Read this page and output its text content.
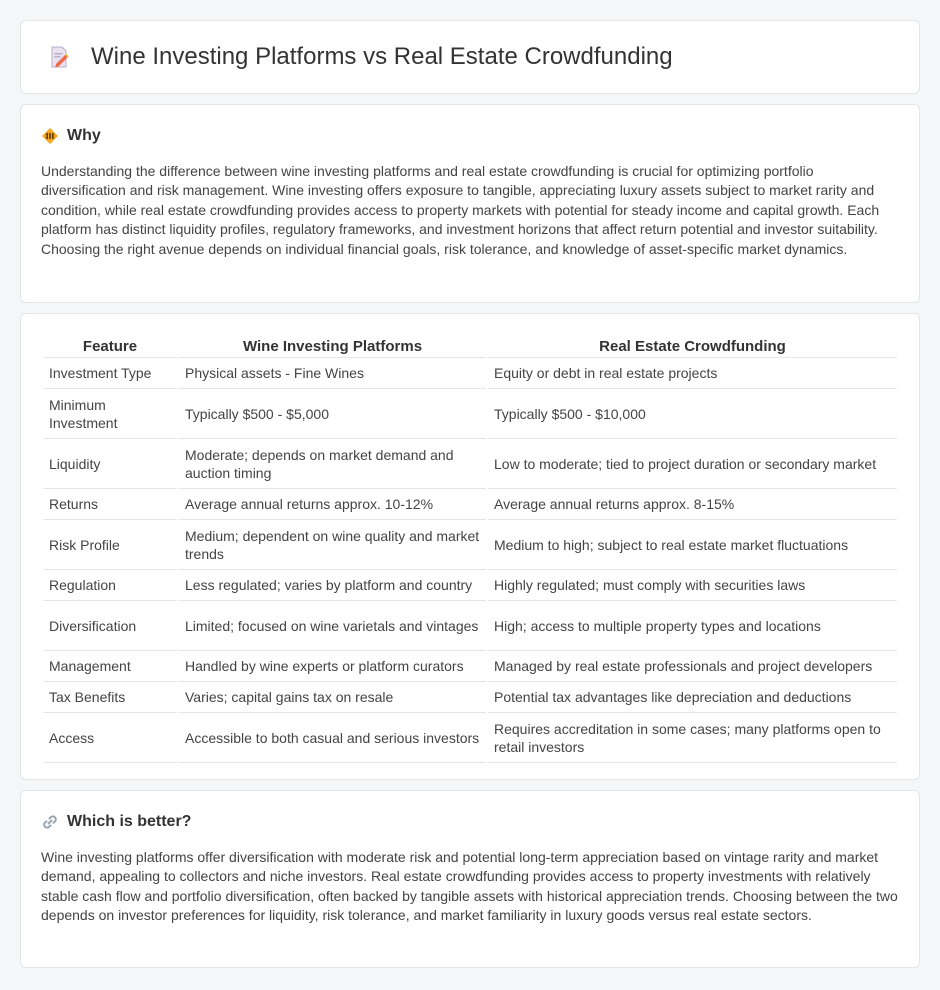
Wine Investing Platforms vs Real Estate Crowdfunding
Why

Understanding the difference between wine investing platforms and real estate crowdfunding is crucial for optimizing portfolio diversification and risk management. Wine investing offers exposure to tangible, appreciating luxury assets subject to market rarity and condition, while real estate crowdfunding provides access to property markets with potential for steady income and capital growth. Each platform has distinct liquidity profiles, regulatory frameworks, and investment horizons that affect return potential and investor suitability. Choosing the right avenue depends on individual financial goals, risk tolerance, and knowledge of asset-specific market dynamics.

Feature	Wine Investing Platforms	Real Estate Crowdfunding
Investment Type	Physical assets - Fine Wines	Equity or debt in real estate projects
Minimum Investment	Typically $500 - $5,000	Typically $500 - $10,000
Liquidity	Moderate; depends on market demand and auction timing	Low to moderate; tied to project duration or secondary market
Returns	Average annual returns approx. 10-12%	Average annual returns approx. 8-15%
Risk Profile	Medium; dependent on wine quality and market trends	Medium to high; subject to real estate market fluctuations
Regulation	Less regulated; varies by platform and country	Highly regulated; must comply with securities laws
Diversification	Limited; focused on wine varietals and vintages	High; access to multiple property types and locations
Management	Handled by wine experts or platform curators	Managed by real estate professionals and project developers
Tax Benefits	Varies; capital gains tax on resale	Potential tax advantages like depreciation and deductions
Access	Accessible to both casual and serious investors	Requires accreditation in some cases; many platforms open to retail investors
Which is better?

Wine investing platforms offer diversification with moderate risk and potential long-term appreciation based on vintage rarity and market demand, appealing to collectors and niche investors. Real estate crowdfunding provides access to property investments with relatively stable cash flow and portfolio diversification, often backed by tangible assets with historical appreciation trends. Choosing between the two depends on investor preferences for liquidity, risk tolerance, and market familiarity in luxury goods versus real estate sectors.
